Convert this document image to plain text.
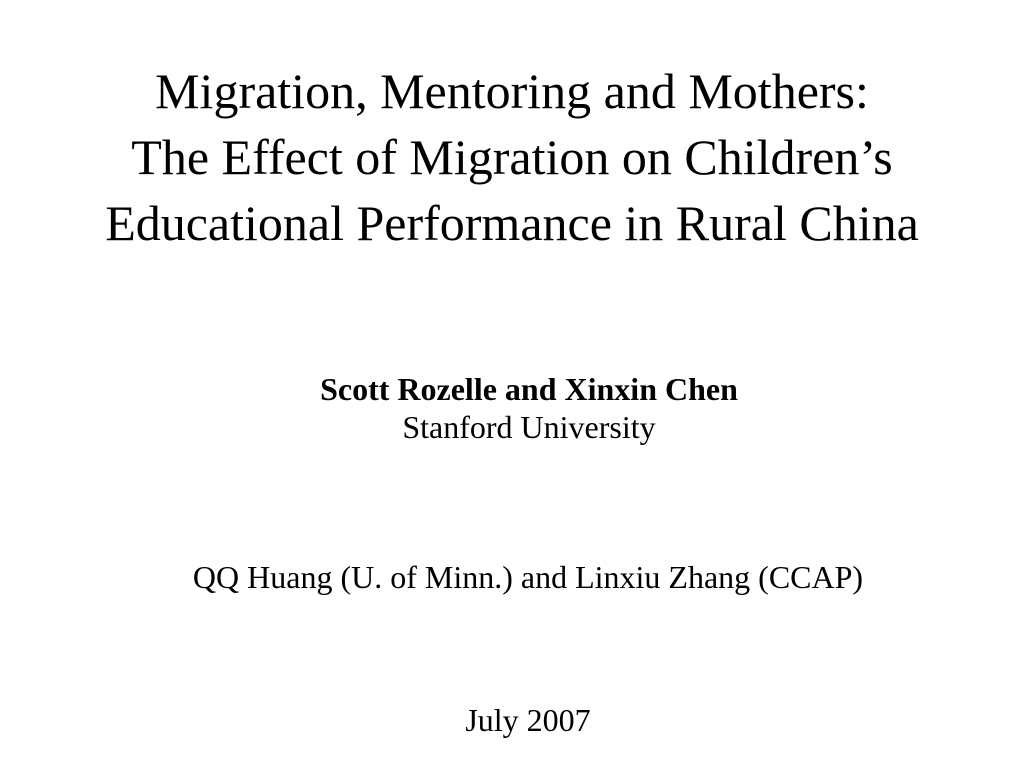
Migration, Mentoring and Mothers:
The Effect of Migration on Children’s
Educational Performance in Rural China
Scott Rozelle and Xinxin Chen
Stanford University
QQ Huang (U. of Minn.) and Linxiu Zhang (CCAP)
July 2007
